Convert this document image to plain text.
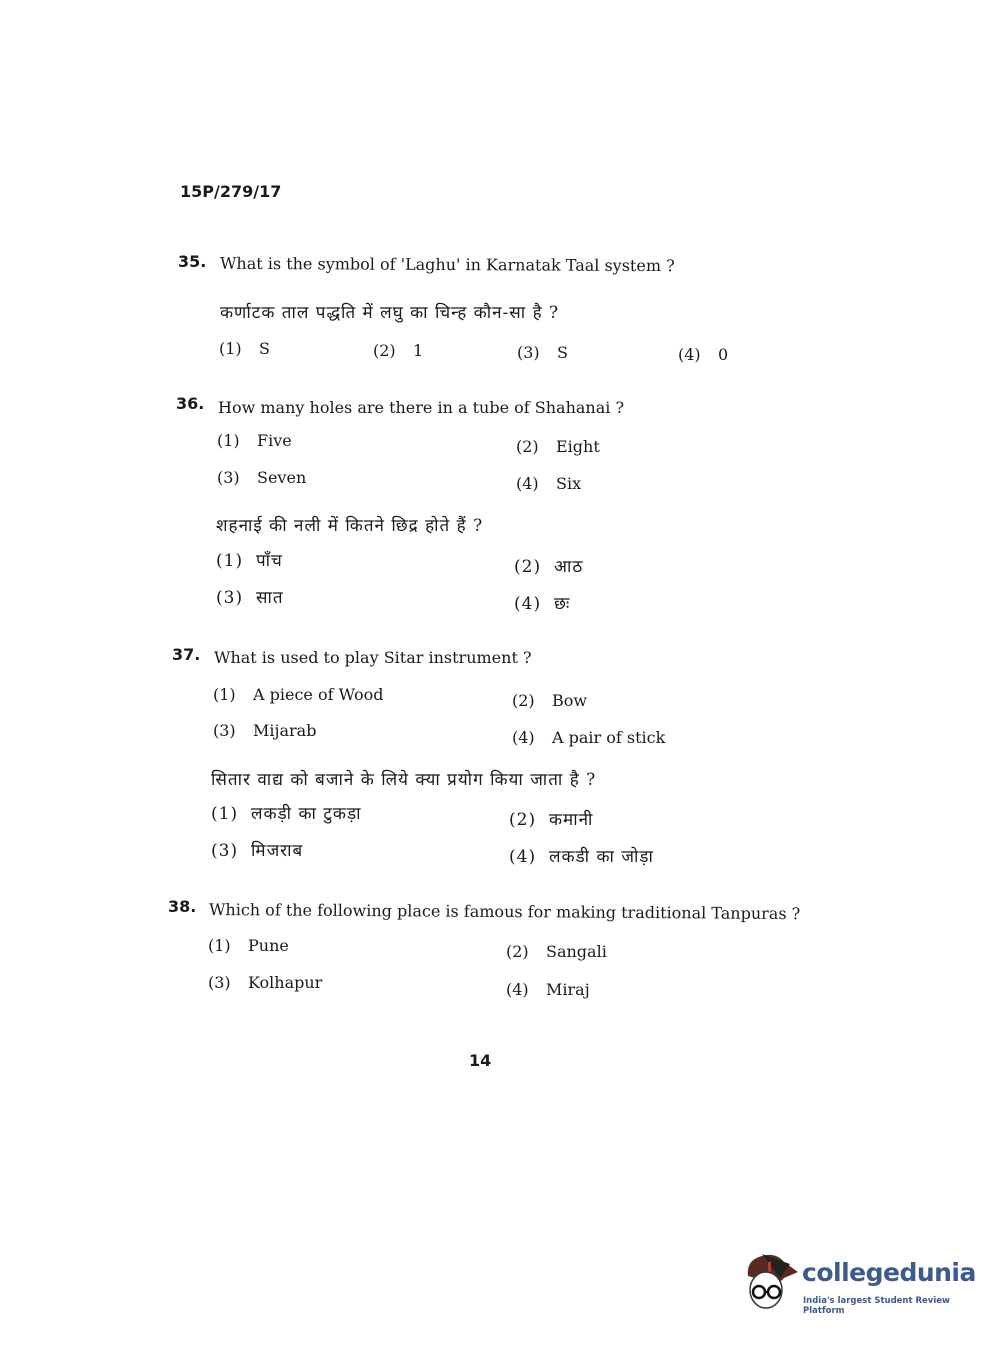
15P/279/17
35. What is the symbol of 'Laghu' in Karnatak Taal system ?
कर्णाटक ताल पद्धति में लघु का चिन्ह कौन-सा है ?
(1) S	(2) 1	(3) S	(4) 0
36. How many holes are there in a tube of Shahanai ?
(1) Five	(2) Eight
(3) Seven	(4) Six
शहनाई की नली में कितने छिद्र होते हैं ?
(1) पाँच	(2) आठ
(3) सात	(4) छः
37. What is used to play Sitar instrument ?
(1) A piece of Wood	(2) Bow
(3) Mijarab	(4) A pair of stick
सितार वाद्य को बजाने के लिये क्या प्रयोग किया जाता है ?
(1) लकड़ी का टुकड़ा	(2) कमानी
(3) मिजराब	(4) लकडी का जोड़ा
38. Which of the following place is famous for making traditional Tanpuras ?
(1) Pune	(2) Sangali
(3) Kolhapur	(4) Miraj
14
collegedunia
India's largest Student Review Platform
